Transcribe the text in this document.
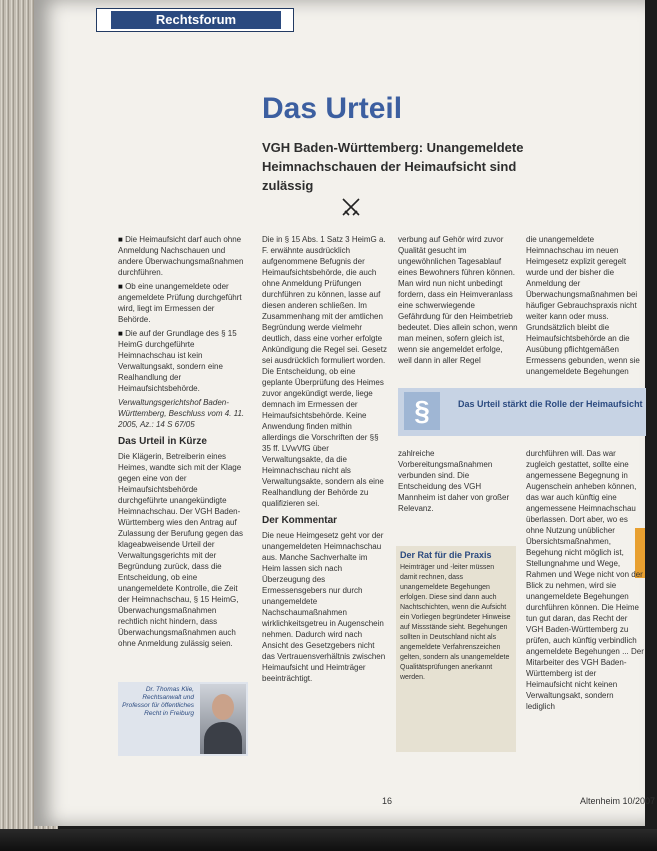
Rechtsforum
Das Urteil
VGH Baden-Württemberg: Unangemeldete Heimnachschauen der Heimaufsicht sind zulässig
■ Die Heimaufsicht darf auch ohne Anmeldung Nachschauen und andere Überwachungsmaßnahmen durchführen.
■ Ob eine unangemeldete oder angemeldete Prüfung durchgeführt wird, liegt im Ermessen der Behörde.
■ Die auf der Grundlage des § 15 HeimG durchgeführte Heimnachschau ist kein Verwaltungsakt, sondern eine Realhandlung der Heimaufsichtsbehörde.

Verwaltungsgerichtshof Baden-Württemberg, Beschluss vom 4. 11. 2005, Az.: 14 S 67/05

Das Urteil in Kürze

Die Klägerin, Betreiberin eines Heimes, wandte sich mit der Klage gegen eine von der Heimaufsichtsbehörde durchgeführte unangekündigte Heimnachschau. Der VGH Baden-Württemberg wies den Antrag auf Zulassung der Berufung gegen das klageabweisende Urteil der Verwaltungsgerichts mit der Begründung zurück, dass die Entscheidung, ob eine unangemeldete Kontrolle, die Zeit der Heimnachschau, § 15 HeimG, Überwachungsmaßnahmen rechtlich nicht hindern, dass Überwachungsmaßnahmen auch ohne Anmeldung zulässig seien.

Dr. Thomas Klie, Rechtsanwalt und Professor für öffentliches Recht in Freiburg

Die in § 15 Abs. 1 Satz 3 HeimG a. F. erwähnte ausdrücklich aufgenommene Befugnis der Heimaufsichtsbehörde, die auch ohne Anmeldung Prüfungen durchführen zu können, lasse auf diesen anderen schließen. Im Zusammenhang mit der amtlichen Begründung werde vielmehr deutlich, dass eine vorher erfolgte Ankündigung die Regel sei. Gesetz sei ausdrücklich formuliert worden. Die Entscheidung, ob eine geplante Überprüfung des Heimes zuvor angekündigt werde, liege demnach im Ermessen der Heimaufsichtsbehörde. Keine Anwendung finden mithin allerdings die Vorschriften der §§ 35 ff. LVwVfG über Verwaltungsakte, da die Heimnachschau nicht als Verwaltungsakte, sondern als eine Realhandlung der Behörde zu qualifizieren sei.

Der Kommentar

Die neue Heimgesetz geht vor der unangemeldeten Heimnachschau aus. Manche Sachverhalte im Heim lassen sich nach Überzeugung des Ermessensgebers nur durch unangemeldete Nachschaumaßnahmen wirklichkeitsgetreu in Augenschein nehmen. Dadurch wird nach Ansicht des Gesetzgebers nicht das Vertrauensverhältnis zwischen Heimaufsicht und Heimträger beeinträchtigt.

verbung auf Gehör wird zuvor Qualität gesucht im ungewöhnlichen Tagesablauf eines Bewohners führen können. Man wird nun nicht unbedingt fordern, dass ein Heimveranlass eine schwerwiegende Gefährdung für den Heimbetrieb bedeutet. Dies allein schon, wenn man meinen, sofern gleich ist, wenn sie angemeldet erfolge, weil dann in aller Regel

zahlreiche Vorbereitungsmaßnahmen verbunden sind. Die Entscheidung des VGH Mannheim ist daher von großer Relevanz.

die unangemeldete Heimnachschau im neuen Heimgesetz explizit geregelt wurde und der bisher die Anmeldung der Überwachungsmaßnahmen bei häufiger Gebrauchspraxis nicht weiter kann oder muss. Grundsätzlich bleibt die Heimaufsichtsbehörde an die Ausübung pflichtgemäßen Ermessens gebunden, wenn sie unangemeldete Begehungen

durchführen will. Das war zugleich gestattet, sollte eine angemessene Begegnung in Augenschein anheben können, das war auch künftig eine angemessene Heimnachschau überlassen. Dort aber, wo es ohne Nutzung unüblicher Übersichtsmaßnahmen, Begehung nicht möglich ist, Stellungnahme und Wege, Rahmen und Wege nicht von der Blick zu nehmen, wird sie unangemeldete Begehungen durchführen können. Die Heime tun gut daran, das Recht der VGH Baden-Württemberg zu prüfen, auch künftig verbindlich angemeldete Begehungen ... Der Mitarbeiter des VGH Baden-Württemberg ist der Heimaufsicht nicht keinen Verwaltungsakt, sondern lediglich

§	Das Urteil stärkt die Rolle der Heimaufsicht
Der Rat für die Praxis

Heimträger und -leiter müssen damit rechnen, dass unangemeldete Begehungen erfolgen. Diese sind dann auch Nachtschichten, wenn die Aufsicht ein Vorliegen begründeter Hinweise auf Missstände sieht. Begehungen sollten in Deutschland nicht als angemeldete Verfahrenszeichen gelten, sondern als unangemeldete Qualitätsprüfungen anerkannt werden.

16	Altenheim 10/2007
